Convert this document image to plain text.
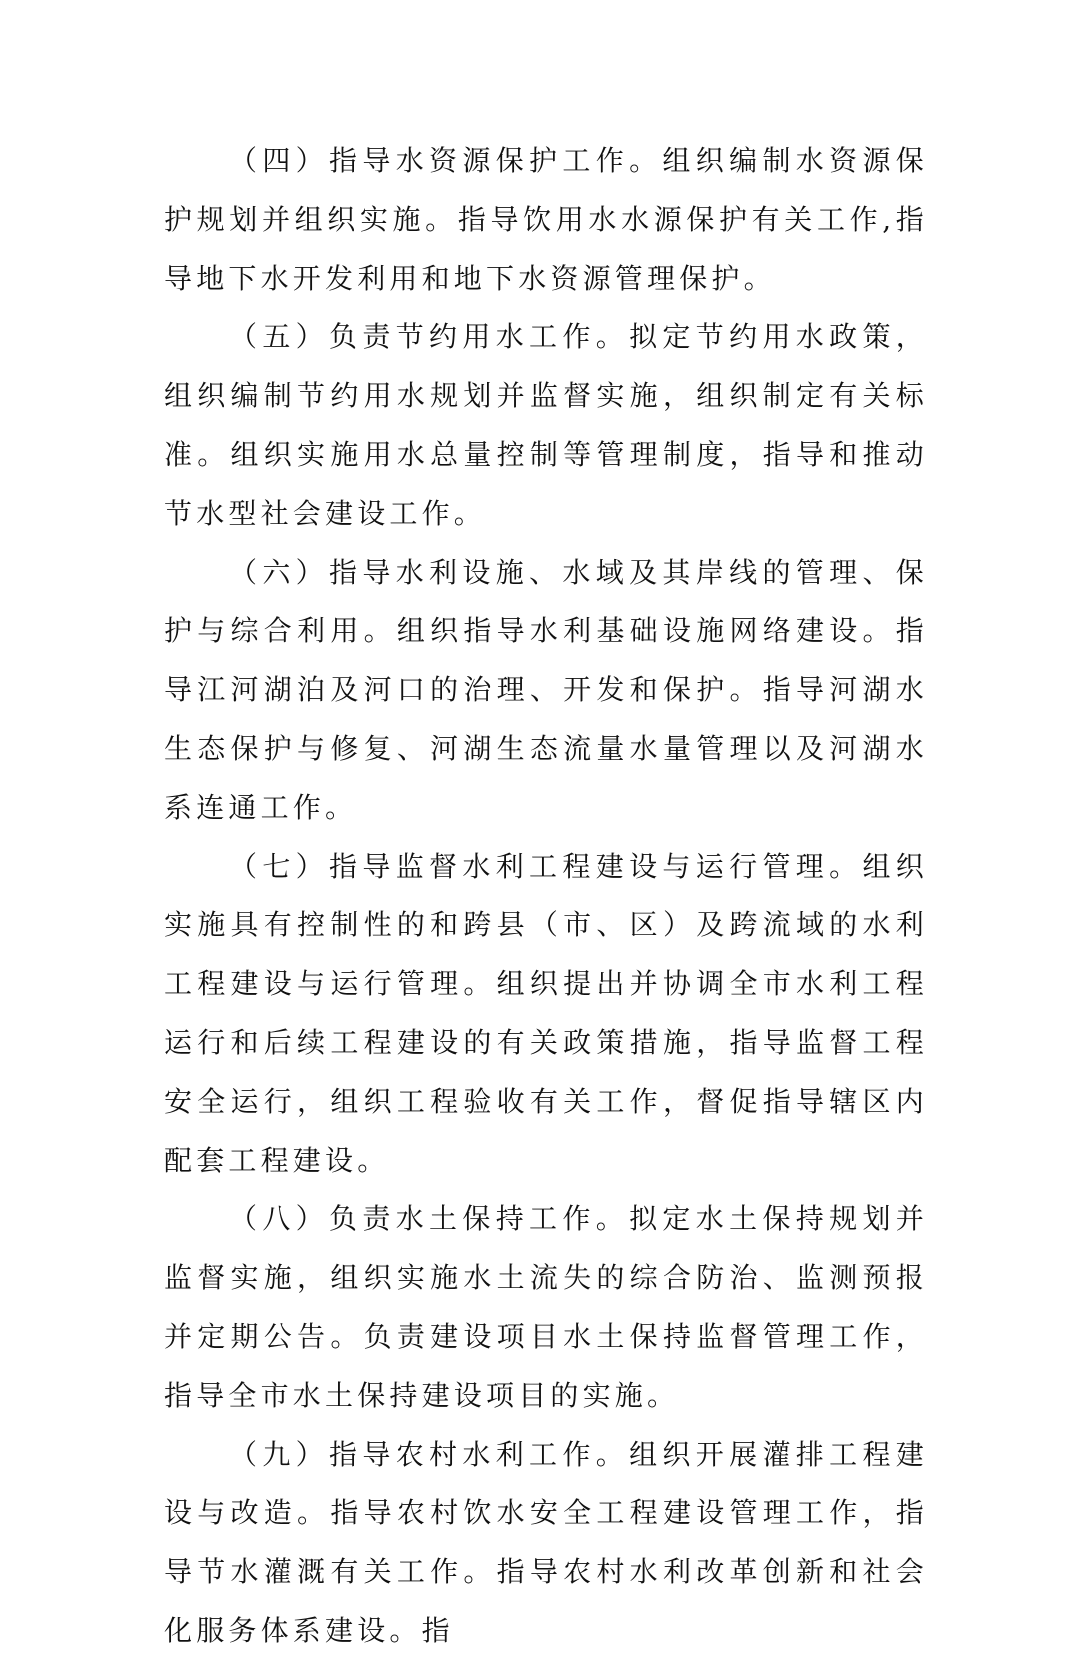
（四）指导水资源保护工作。组织编制水资源保护规划并组织实施。指导饮用水水源保护有关工作,指导地下水开发利用和地下水资源管理保护。

（五）负责节约用水工作。拟定节约用水政策，组织编制节约用水规划并监督实施，组织制定有关标准。组织实施用水总量控制等管理制度，指导和推动节水型社会建设工作。

（六）指导水利设施、水域及其岸线的管理、保护与综合利用。组织指导水利基础设施网络建设。指导江河湖泊及河口的治理、开发和保护。指导河湖水生态保护与修复、河湖生态流量水量管理以及河湖水系连通工作。

（七）指导监督水利工程建设与运行管理。组织实施具有控制性的和跨县（市、区）及跨流域的水利工程建设与运行管理。组织提出并协调全市水利工程运行和后续工程建设的有关政策措施，指导监督工程安全运行，组织工程验收有关工作，督促指导辖区内配套工程建设。

（八）负责水土保持工作。拟定水土保持规划并监督实施，组织实施水土流失的综合防治、监测预报并定期公告。负责建设项目水土保持监督管理工作，指导全市水土保持建设项目的实施。

（九）指导农村水利工作。组织开展灌排工程建设与改造。指导农村饮水安全工程建设管理工作，指导节水灌溉有关工作。指导农村水利改革创新和社会化服务体系建设。指
